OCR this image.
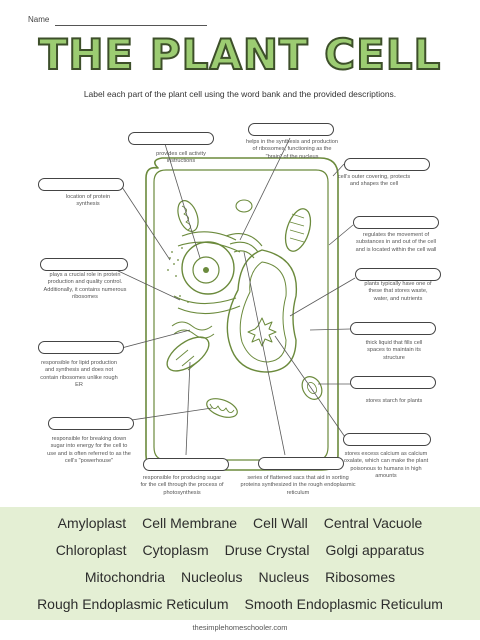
Name
THE PLANT CELL
Label each part of the plant cell using the word bank and the provided descriptions.
provides cell activity instructions
helps in the synthesis and production of ribosomes, functioning as the "brain" of the nucleus
location of protein synthesis
cell's outer covering, protects and shapes the cell
regulates the movement of substances in and out of the cell and is located within the cell wall
plays a crucial role in protein production and quality control. Additionally, it contains numerous ribosomes
plants typically have one of these that stores waste, water, and nutrients
thick liquid that fills cell spaces to maintain its structure
responsible for lipid production and synthesis and does not contain ribosomes unlike rough ER
stores starch for plants
responsible for breaking down sugar into energy for the cell to use and is often referred to as the cell's "powerhouse"
stores excess calcium as calcium oxalate, which can make the plant poisonous to humans in high amounts
responsible for producing sugar for the cell through the process of photosynthesis
series of flattened sacs that aid in sorting proteins synthesized in the rough endoplasmic reticulum
Amyloplast Cell Membrane Cell Wall Central Vacuole
Chloroplast Cytoplasm Druse Crystal Golgi apparatus
Mitochondria Nucleolus Nucleus Ribosomes
Rough Endoplasmic Reticulum Smooth Endoplasmic Reticulum
thesimplehomeschooler.com
